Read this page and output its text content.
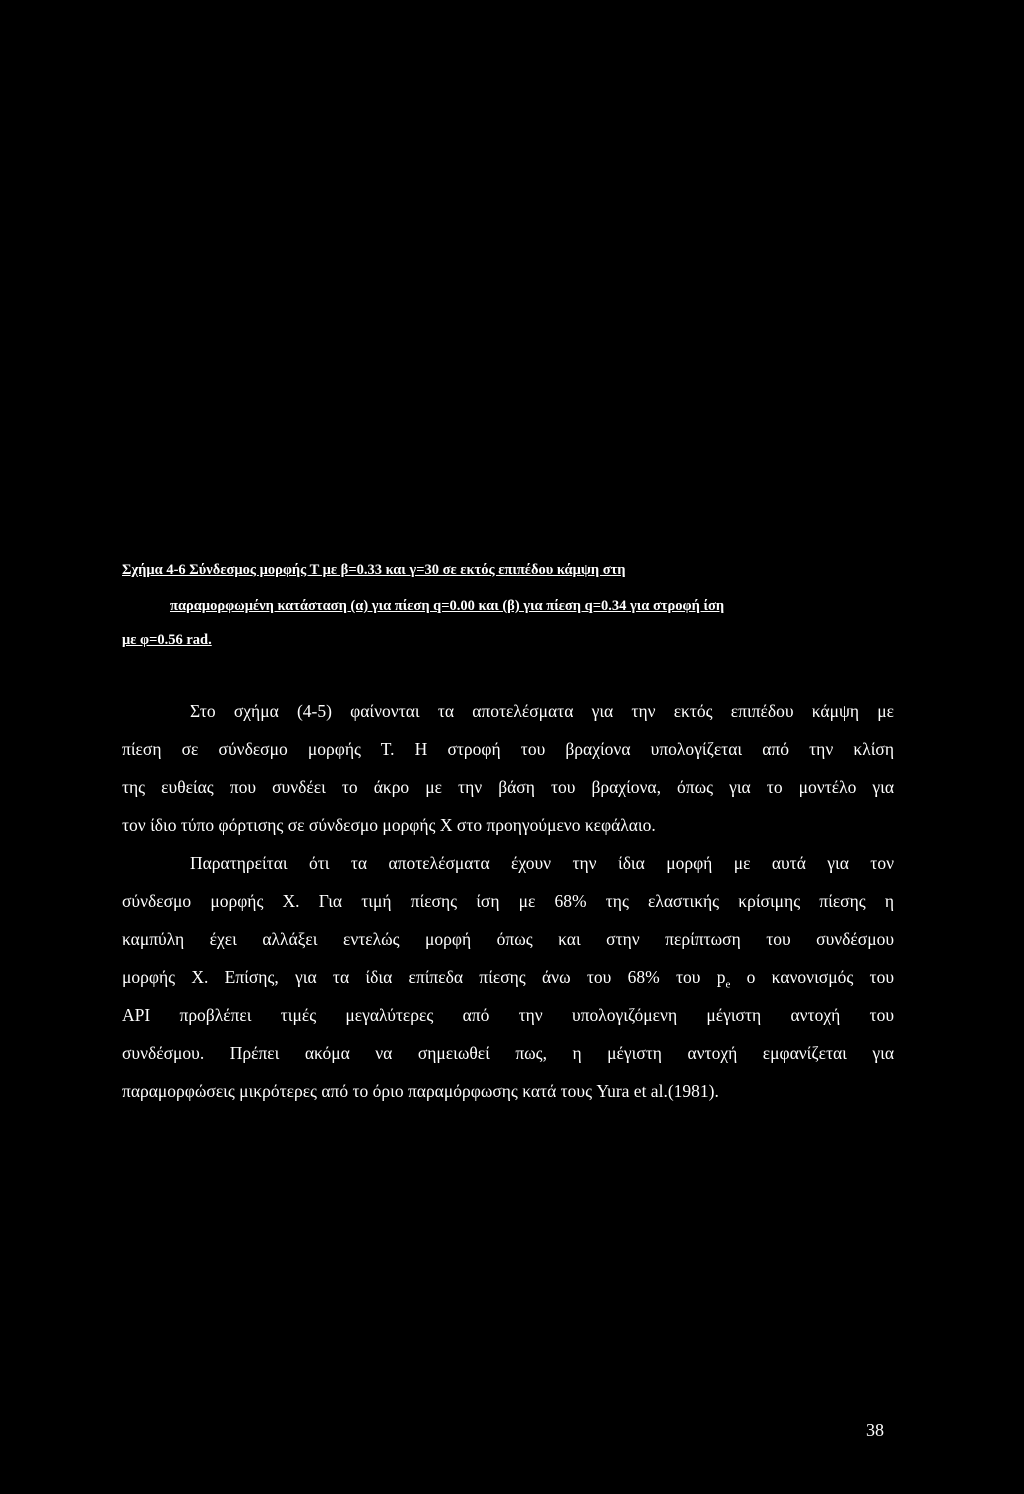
Σχήμα 4-6 Σύνδεσμος μορφής Τ με β=0.33 και γ=30 σε εκτός επιπέδου κάμψη στη
παραμορφωμένη κατάσταση (α) για πίεση q=0.00 και (β) για πίεση q=0.34 για στροφή ίση
με φ=0.56 rad.
Στο σχήμα (4-5) φαίνονται τα αποτελέσματα για την εκτός επιπέδου κάμψη με
πίεση σε σύνδεσμο μορφής Τ. Η στροφή του βραχίονα υπολογίζεται από την κλίση
της ευθείας που συνδέει το άκρο με την βάση του βραχίονα, όπως για το μοντέλο για
τον ίδιο τύπο φόρτισης σε σύνδεσμο μορφής Χ στο προηγούμενο κεφάλαιο.
Παρατηρείται ότι τα αποτελέσματα έχουν την ίδια μορφή με αυτά για τον
σύνδεσμο μορφής Χ. Για τιμή πίεσης ίση με 68% της ελαστικής κρίσιμης πίεσης η
καμπύλη έχει αλλάξει εντελώς μορφή όπως και στην περίπτωση του συνδέσμου
μορφής Χ. Επίσης, για τα ίδια επίπεδα πίεσης άνω του 68% του $p_e$ ο κανονισμός του
API προβλέπει τιμές μεγαλύτερες από την υπολογιζόμενη μέγιστη αντοχή του
συνδέσμου. Πρέπει ακόμα να σημειωθεί πως, η μέγιστη αντοχή εμφανίζεται για
παραμορφώσεις μικρότερες από το όριο παραμόρφωσης κατά τους Yura et al.(1981).
38
